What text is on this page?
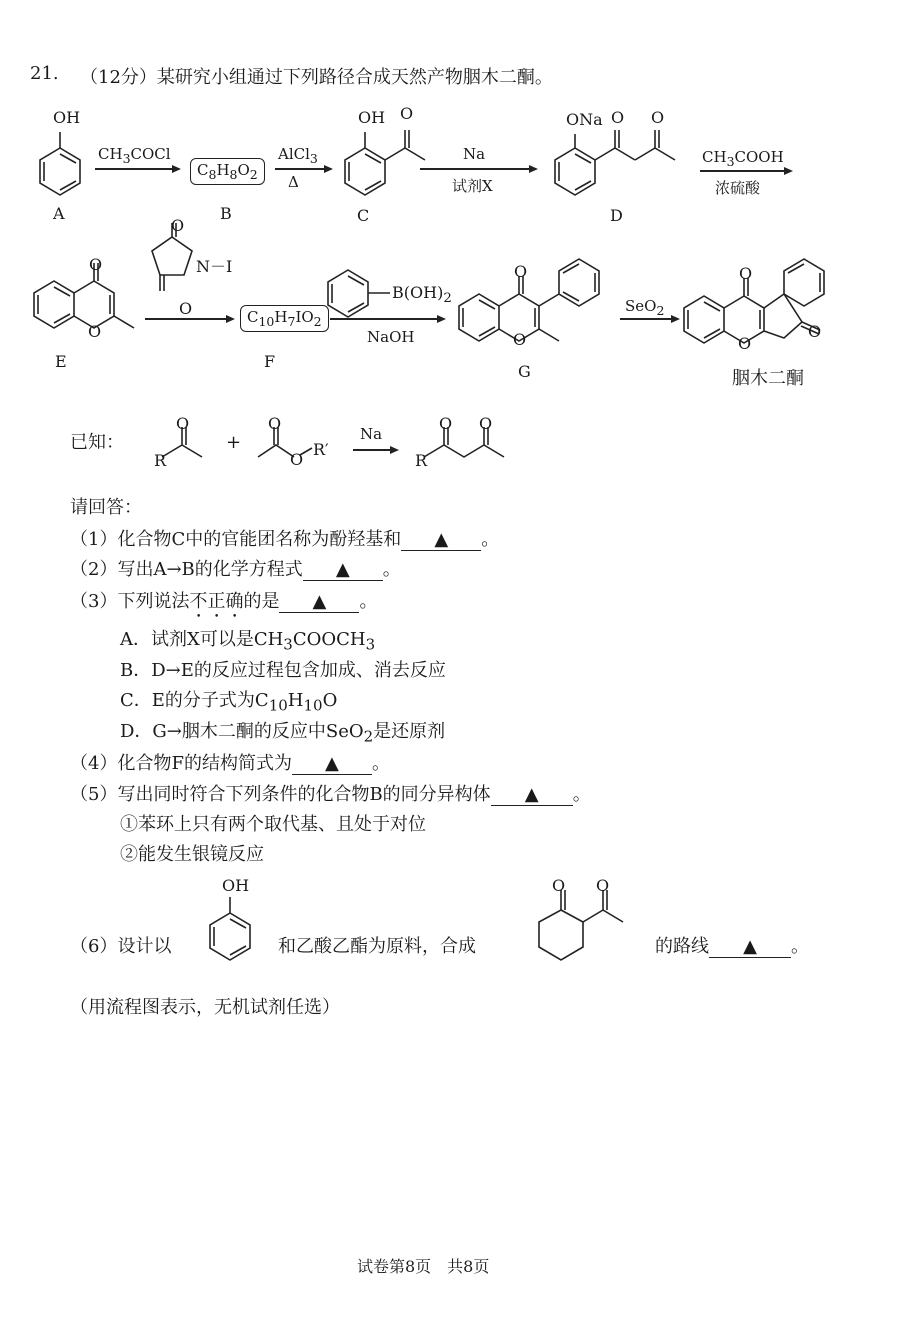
21. （12分）某研究小组通过下列路径合成天然产物胭木二酮。
OH
A
$CH_3COCl$
$C_8H_8O_2$
B
AlCl$_3$
Δ
OH O
C
Na
试剂X
ONa O O
D
$CH_3COOH$
浓硫酸
O
O
E
O
O
N－I
$C_{10}H_7IO_2$
F
$B(OH)_2$
NaOH
O
O
G
SeO$_2$
O
O
O
胭木二酮
已知：
O
R
+
O
O
R′
Na
O O
R
请回答：
（1）化合物C中的官能团名称为酚羟基和 ▲ 。
（2）写出A→B的化学方程式 ▲ 。
（3）下列说法不正确的是 ▲ 。
A．试剂X可以是$CH_3COOCH_3$
B．D→E的反应过程包含加成、消去反应
C．E的分子式为$C_{10}H_{10}O$
D．G→胭木二酮的反应中SeO$_2$是还原剂
（4）化合物F的结构简式为 ▲ 。
（5）写出同时符合下列条件的化合物B的同分异构体 ▲ 。
①苯环上只有两个取代基、且处于对位
②能发生银镜反应
（6）设计以
OH
和乙酸乙酯为原料，合成
O O
的路线 ▲ 。
（用流程图表示，无机试剂任选）
试卷第8页　共8页
